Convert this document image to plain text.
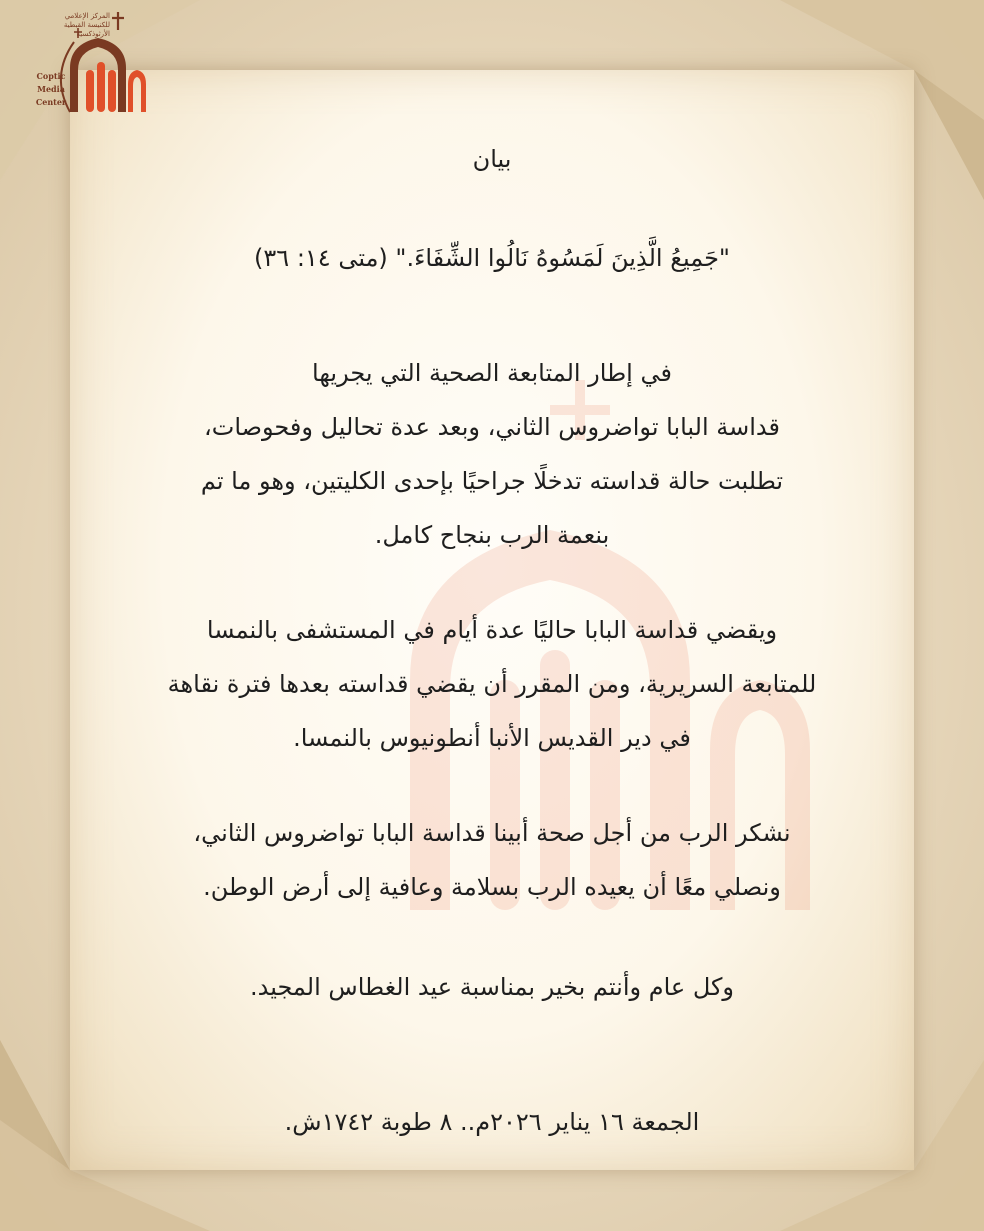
المركز الإعلامي
للكنيسة القبطية الأرثوذكسية
Coptic
Media
Center
بيان
"جَمِيعُ الَّذِينَ لَمَسُوهُ نَالُوا الشِّفَاءَ." (متى ١٤: ٣٦)
في إطار المتابعة الصحية التي يجريها
قداسة البابا تواضروس الثاني، وبعد عدة تحاليل وفحوصات،
تطلبت حالة قداسته تدخلًا جراحيًا بإحدى الكليتين، وهو ما تم
بنعمة الرب بنجاح كامل.
ويقضي قداسة البابا حاليًا عدة أيام في المستشفى بالنمسا
للمتابعة السريرية، ومن المقرر أن يقضي قداسته بعدها فترة نقاهة
في دير القديس الأنبا أنطونيوس بالنمسا.
نشكر الرب من أجل صحة أبينا قداسة البابا تواضروس الثاني،
ونصلي معًا أن يعيده الرب بسلامة وعافية إلى أرض الوطن.
وكل عام وأنتم بخير بمناسبة عيد الغطاس المجيد.
الجمعة ١٦ يناير ٢٠٢٦م.. ٨ طوبة ١٧٤٢ش.
